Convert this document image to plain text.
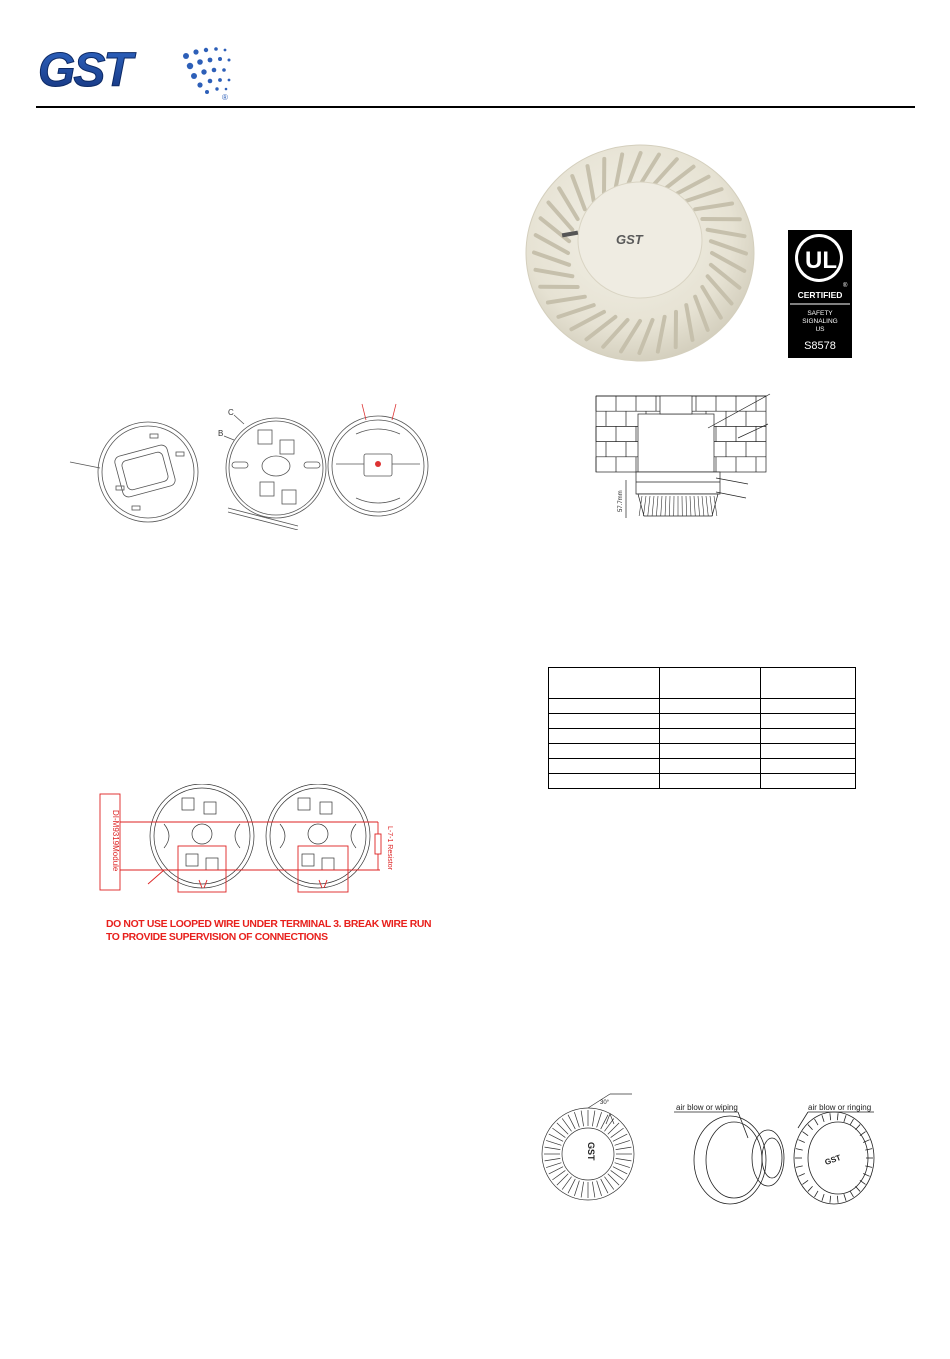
GST
®
GST
UL
®
CERTIFIED
SAFETY
SIGNALING
US
S8578
C
B
57.7mm

DI-M9319Module	L-7-1 Resistor
DO NOT USE LOOPED WIRE UNDER TERMINAL 3. BREAK WIRE RUN
TO PROVIDE SUPERVISION OF CONNECTIONS
GST
30°	air blow or wiping	air blow or ringing
GST
